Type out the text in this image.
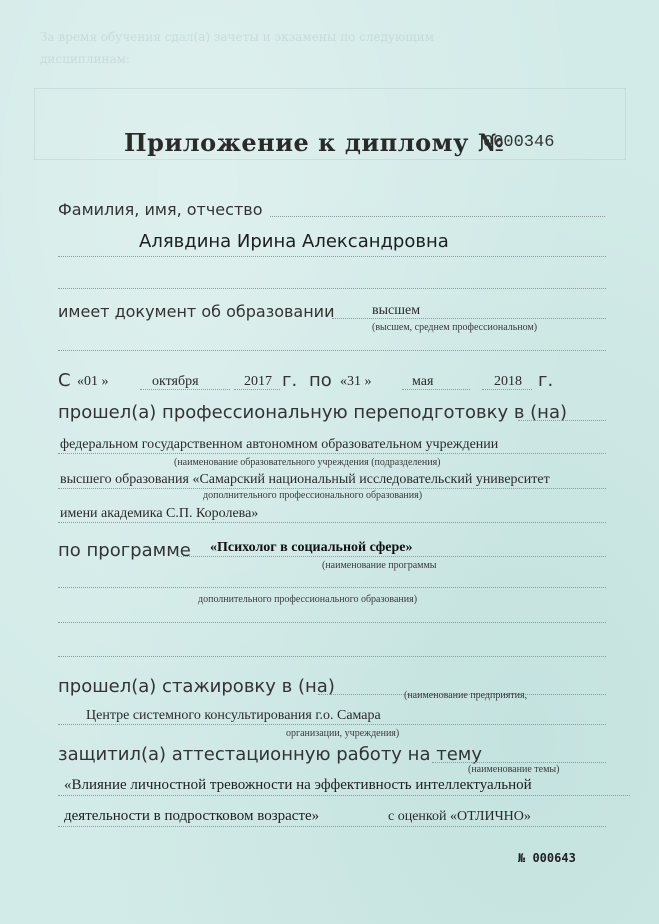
За время обучения сдал(а) зачеты и экзамены по следующим
дисциплинам:
Приложение к диплому №
0000346
Фамилия, имя, отчество
Алявдина Ирина Александровна
имеет документ об образовании	высшем
(высшем, среднем профессиональном)
С «01 »	октября	2017 г. по «31 »	мая	2018 г.
прошел(а) профессиональную переподготовку в (на)
федеральном государственном автономном образовательном учреждении
(наименование образовательного учреждения (подразделения)
высшего образования «Самарский национальный исследовательский университет
дополнительного профессионального образования)
имени академика С.П. Королева»
по программе «Психолог в социальной сфере»
(наименование программы
дополнительного профессионального образования)
прошел(а) стажировку в (на)	(наименование предприятия,
Центре системного консультирования г.о. Самара
организации, учреждения)
защитил(а) аттестационную работу на тему
(наименование темы)
«Влияние личностной тревожности на эффективность интеллектуальной
деятельности в подростковом возрасте»	с оценкой «ОТЛИЧНО»
№ 000643
